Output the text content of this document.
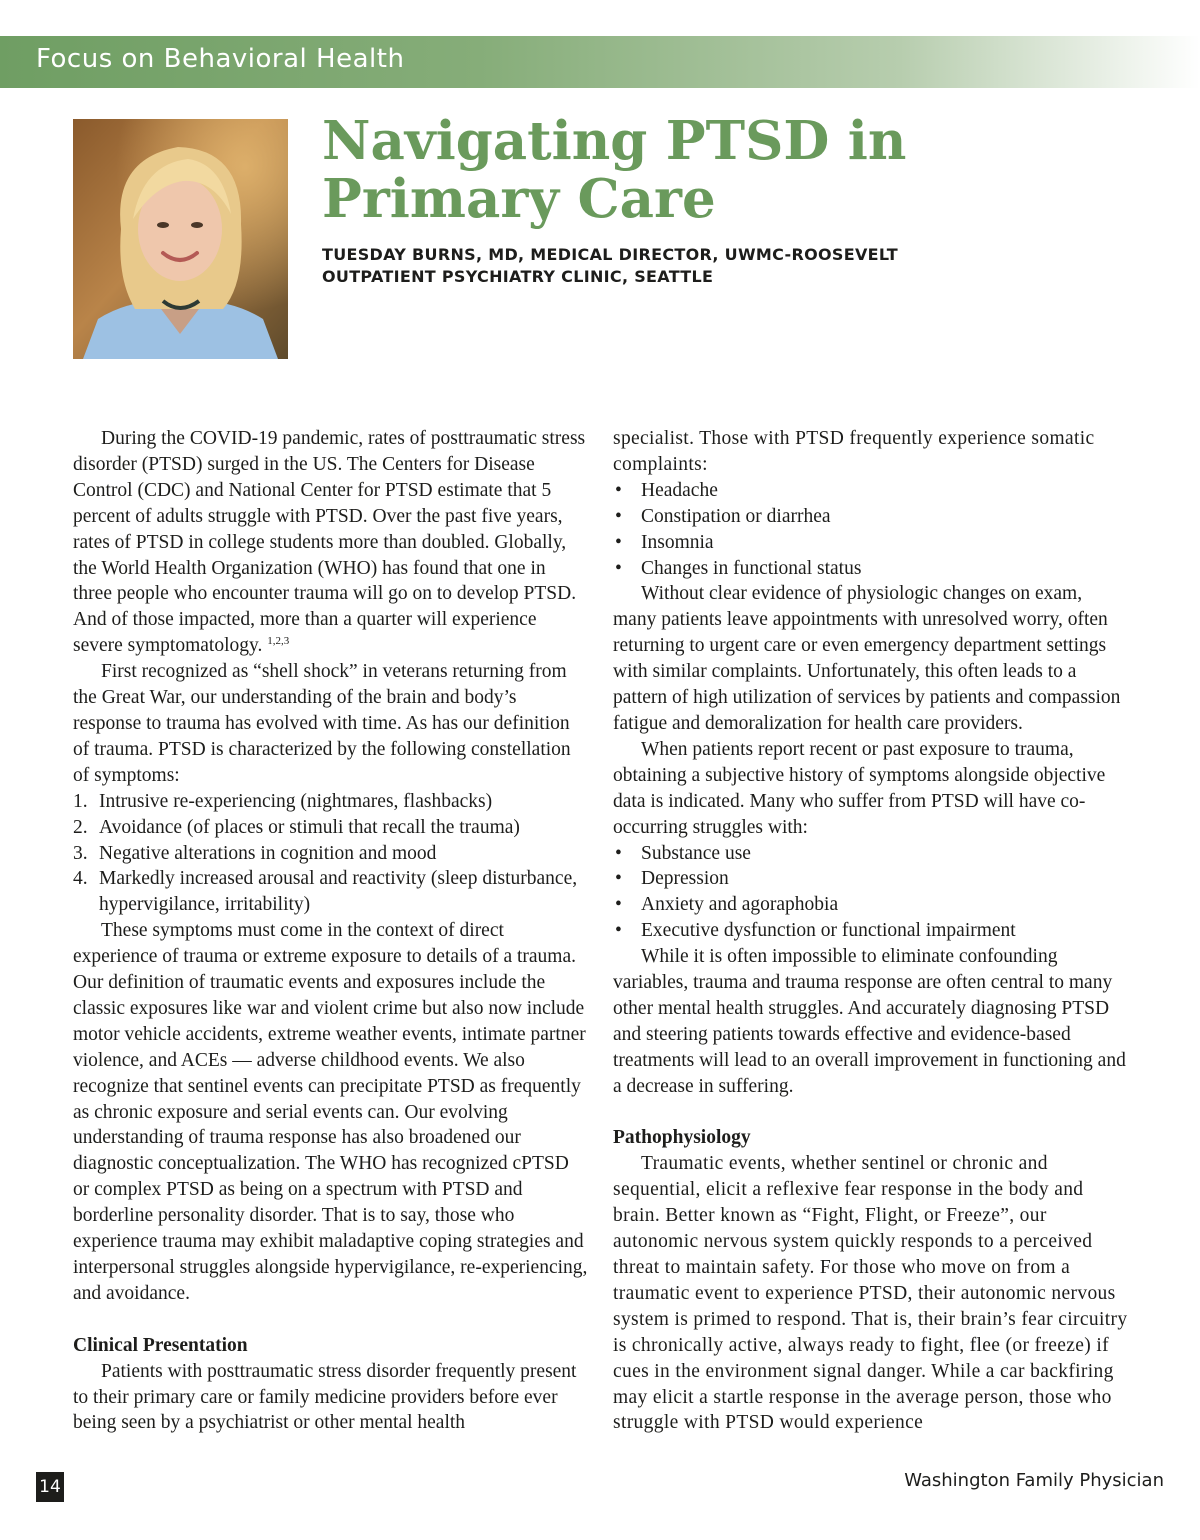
Focus on Behavioral Health
Navigating PTSD in
Primary Care

TUESDAY BURNS, MD, MEDICAL DIRECTOR, UWMC-ROOSEVELT
OUTPATIENT PSYCHIATRY CLINIC, SEATTLE

During the COVID-19 pandemic, rates of posttraumatic stress disorder (PTSD) surged in the US. The Centers for Disease Control (CDC) and National Center for PTSD estimate that 5 percent of adults struggle with PTSD. Over the past five years, rates of PTSD in college students more than doubled. Globally, the World Health Organization (WHO) has found that one in three people who encounter trauma will go on to develop PTSD. And of those impacted, more than a quarter will experience severe symptomatology. $^{1,2,3}$

First recognized as “shell shock” in veterans returning from the Great War, our understanding of the brain and body’s response to trauma has evolved with time. As has our definition of trauma. PTSD is characterized by the following constellation of symptoms:

1. Intrusive re-experiencing (nightmares, flashbacks)
2. Avoidance (of places or stimuli that recall the trauma)
3. Negative alterations in cognition and mood
4. Markedly increased arousal and reactivity (sleep disturbance, hypervigilance, irritability)

These symptoms must come in the context of direct experience of trauma or extreme exposure to details of a trauma. Our definition of traumatic events and exposures include the classic exposures like war and violent crime but also now include motor vehicle accidents, extreme weather events, intimate partner violence, and ACEs — adverse childhood events. We also recognize that sentinel events can precipitate PTSD as frequently as chronic exposure and serial events can. Our evolving understanding of trauma response has also broadened our diagnostic conceptualization. The WHO has recognized cPTSD or complex PTSD as being on a spectrum with PTSD and borderline personality disorder. That is to say, those who experience trauma may exhibit maladaptive coping strategies and interpersonal struggles alongside hypervigilance, re-experiencing, and avoidance.

Clinical Presentation

Patients with posttraumatic stress disorder frequently present to their primary care or family medicine providers before ever being seen by a psychiatrist or other mental health

specialist. Those with PTSD frequently experience somatic complaints:

• Headache
• Constipation or diarrhea
• Insomnia
• Changes in functional status

Without clear evidence of physiologic changes on exam, many patients leave appointments with unresolved worry, often returning to urgent care or even emergency department settings with similar complaints. Unfortunately, this often leads to a pattern of high utilization of services by patients and compassion fatigue and demoralization for health care providers.

When patients report recent or past exposure to trauma, obtaining a subjective history of symptoms alongside objective data is indicated. Many who suffer from PTSD will have co-occurring struggles with:

• Substance use
• Depression
• Anxiety and agoraphobia
• Executive dysfunction or functional impairment

While it is often impossible to eliminate confounding variables, trauma and trauma response are often central to many other mental health struggles. And accurately diagnosing PTSD and steering patients towards effective and evidence-based treatments will lead to an overall improvement in functioning and a decrease in suffering.

Pathophysiology

Traumatic events, whether sentinel or chronic and sequential, elicit a reflexive fear response in the body and brain. Better known as “Fight, Flight, or Freeze”, our autonomic nervous system quickly responds to a perceived threat to maintain safety. For those who move on from a traumatic event to experience PTSD, their autonomic nervous system is primed to respond. That is, their brain’s fear circuitry is chronically active, always ready to fight, flee (or freeze) if cues in the environment signal danger. While a car backfiring may elicit a startle response in the average person, those who struggle with PTSD would experience

14	Washington Family Physician
